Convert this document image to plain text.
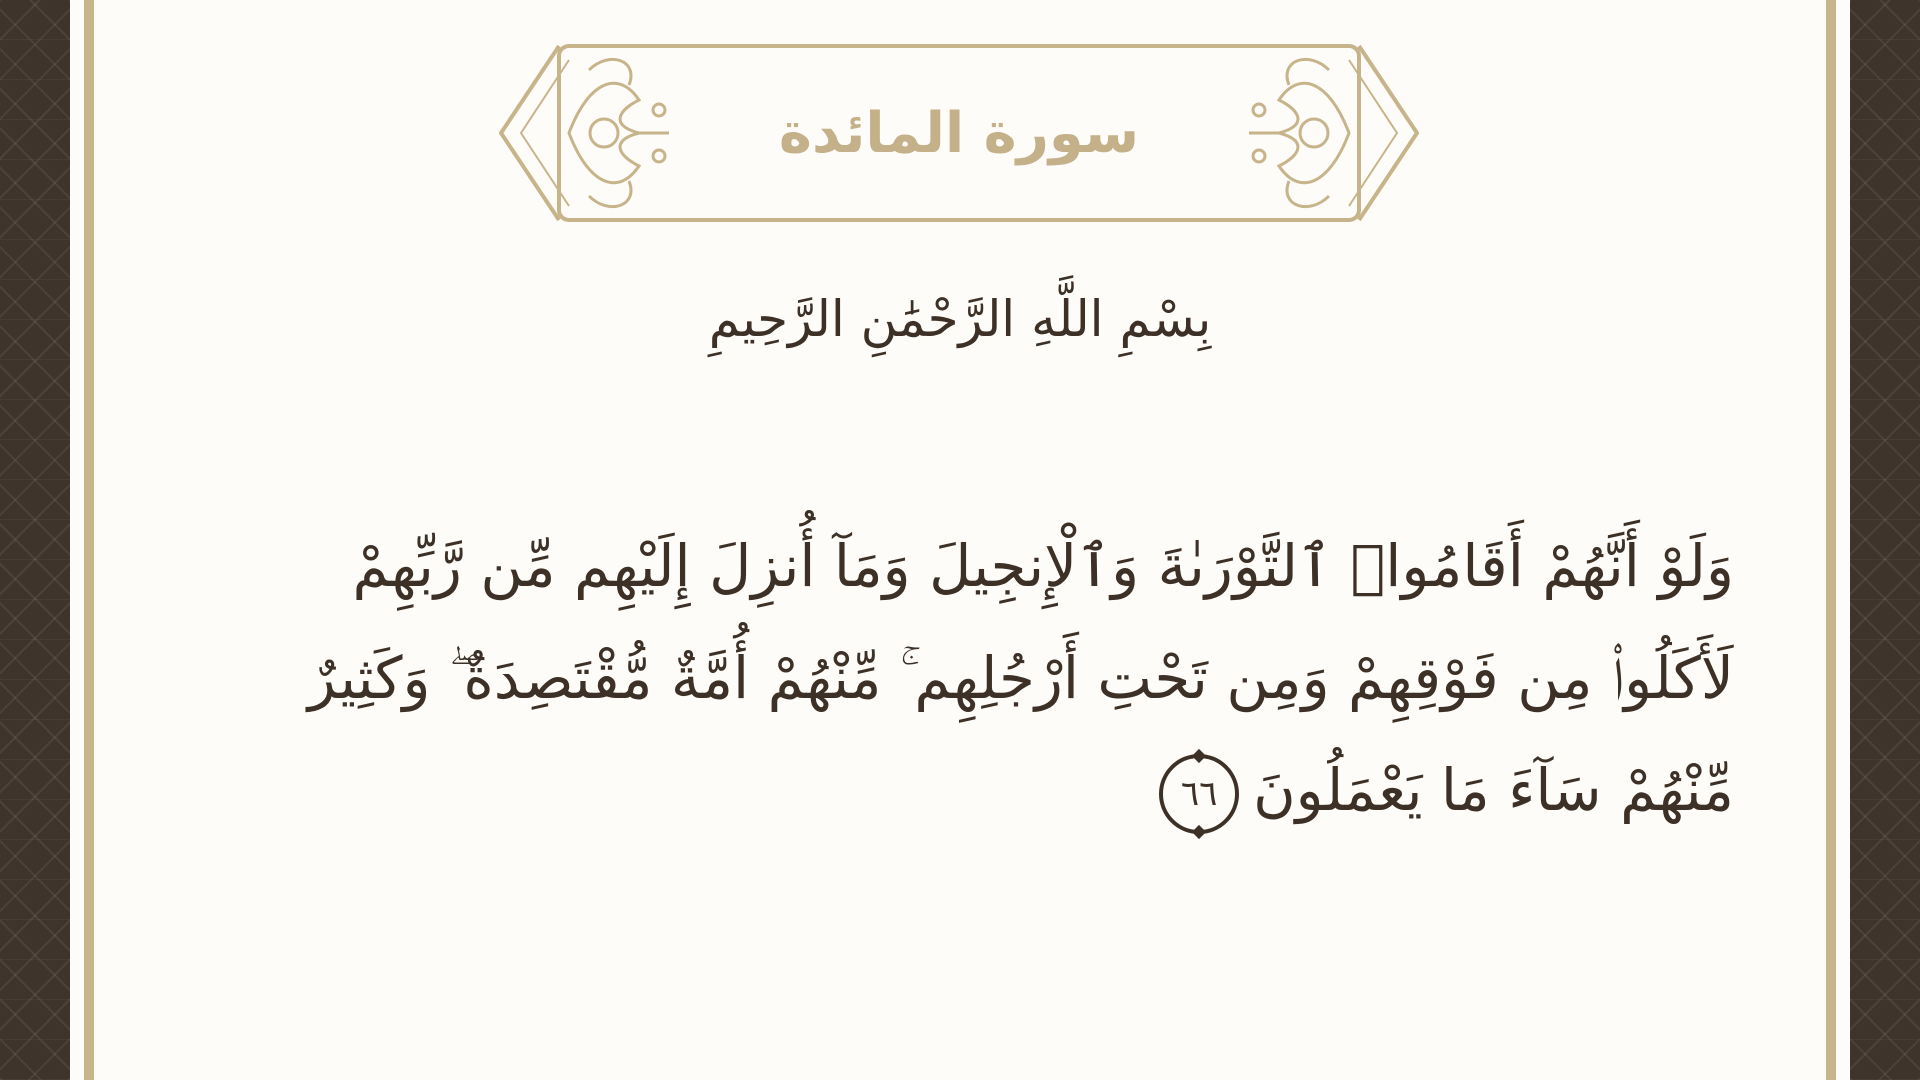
سورة المائدة
بِسْمِ اللَّهِ الرَّحْمَٰنِ الرَّحِيمِ
وَلَوْ أَنَّهُمْ أَقَامُوا۟ ٱلتَّوْرَىٰةَ وَٱلْإِنجِيلَ وَمَآ أُنزِلَ إِلَيْهِم مِّن رَّبِّهِمْ
لَأَكَلُوا۟ مِن فَوْقِهِمْ وَمِن تَحْتِ أَرْجُلِهِم ۚ مِّنْهُمْ أُمَّةٌ مُّقْتَصِدَةٌ ۖ وَكَثِيرٌ
مِّنْهُمْ سَآءَ مَا يَعْمَلُونَ٦٦
